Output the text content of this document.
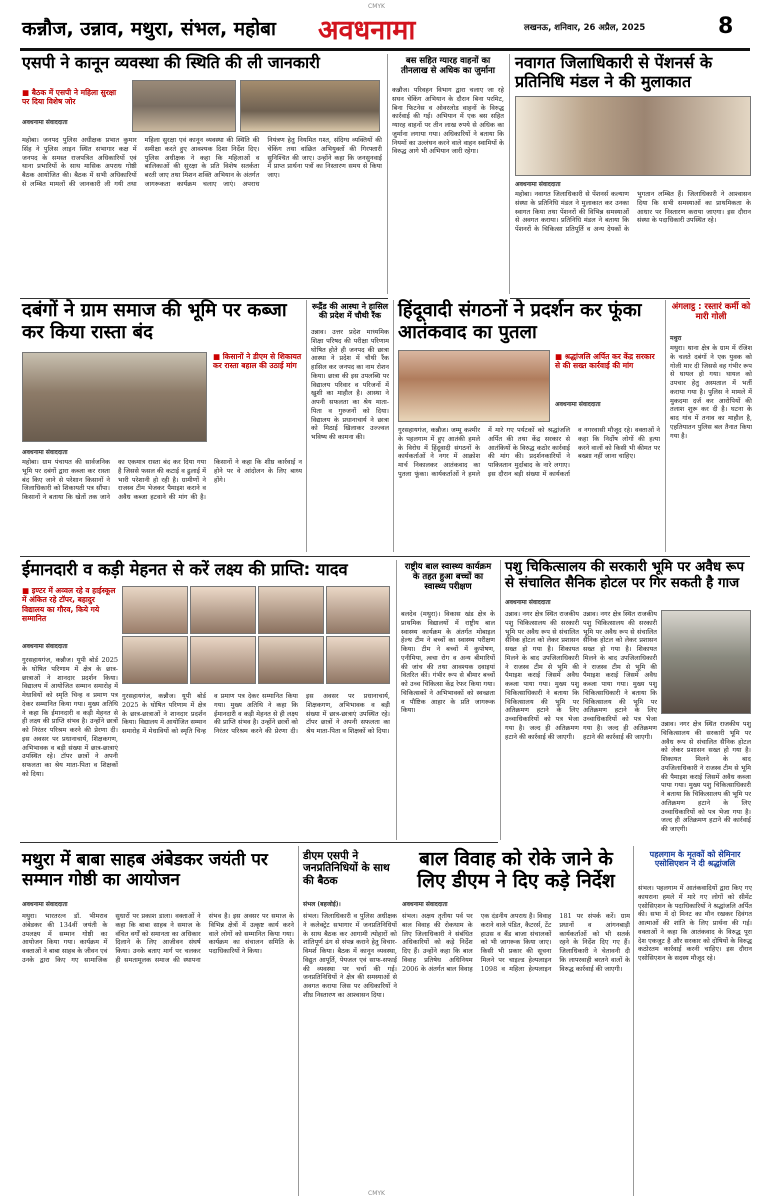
CMYK
कन्नौज, उन्नाव, मथुरा, संभल, महोबा अवधनामा	लखनऊ, शनिवार, 26 अप्रैल, 2025	8
एसपी ने कानून व्यवस्था की स्थिति की ली जानकारी
■ बैठक में एसपी ने महिला सुरक्षा पर दिया विशेष जोर
अवधनामा संवाददाता
महोबा। जनपद पुलिस अधीक्षक प्रभात कुमार सिंह ने पुलिस लाइन स्थित सभागार कक्ष में जनपद के समस्त राजपत्रित अधिकारियों एवं थाना प्रभारियों के साथ मासिक अपराध गोष्ठी बैठक आयोजित की। बैठक में सभी अधिकारियों से लम्बित मामलों की जानकारी ली गयी तथा महिला सुरक्षा एवं कानून व्यवस्था की स्थिति की समीक्षा करते हुए आवश्यक दिशा निर्देश दिए। पुलिस अधीक्षक ने कहा कि महिलाओं व बालिकाओं की सुरक्षा के प्रति विशेष सतर्कता बरती जाए तथा मिशन शक्ति अभियान के अंतर्गत जागरूकता कार्यक्रम चलाए जाएं। अपराध नियंत्रण हेतु नियमित गश्त, संदिग्ध व्यक्तियों की चेकिंग तथा वांछित अभियुक्तों की गिरफ्तारी सुनिश्चित की जाए। उन्होंने कहा कि जनसुनवाई में प्राप्त प्रार्थना पत्रों का निस्तारण समय से किया जाए।
बस सहित ग्यारह वाहनों का तीनलाख से अधिक का जुर्माना
कन्नौज। परिवहन विभाग द्वारा चलाए जा रहे सघन चेकिंग अभियान के दौरान बिना परमिट, बिना फिटनेस व ओवरलोड वाहनों के विरुद्ध कार्रवाई की गई। अभियान में एक बस सहित ग्यारह वाहनों पर तीन लाख रुपये से अधिक का जुर्माना लगाया गया। अधिकारियों ने बताया कि नियमों का उल्लंघन करने वाले वाहन स्वामियों के विरुद्ध आगे भी अभियान जारी रहेगा।
नवागत जिलाधिकारी से पेंशनर्स के प्रतिनिधि मंडल ने की मुलाकात
अवधनामा संवाददाता
महोबा। नवागत जिलाधिकारी से पेंशनर्स कल्याण संस्था के प्रतिनिधि मंडल ने मुलाकात कर उनका स्वागत किया तथा पेंशनरों की विभिन्न समस्याओं से अवगत कराया। प्रतिनिधि मंडल ने बताया कि पेंशनरों के चिकित्सा प्रतिपूर्ति व अन्य देयकों के भुगतान लम्बित हैं। जिलाधिकारी ने आश्वासन दिया कि सभी समस्याओं का प्राथमिकता के आधार पर निस्तारण कराया जाएगा। इस दौरान संस्था के पदाधिकारी उपस्थित रहे।
दबंगों ने ग्राम समाज की भूमि पर कब्जा कर किया रास्ता बंद
■ किसानों ने डीएम से शिकायत कर रास्ता बहाल की उठाई मांग
अवधनामा संवाददाता
महोबा। ग्राम पंचायत की सार्वजनिक भूमि पर दबंगों द्वारा कब्जा कर रास्ता बंद किए जाने से परेशान किसानों ने जिलाधिकारी को शिकायती पत्र सौंपा। किसानों ने बताया कि खेतों तक जाने का एकमात्र रास्ता बंद कर दिया गया है जिससे फसल की कटाई व ढुलाई में भारी परेशानी हो रही है। ग्रामीणों ने राजस्व टीम भेजकर पैमाइश कराने व अवैध कब्जा हटवाने की मांग की है। किसानों ने कहा कि शीघ्र कार्रवाई न होने पर वे आंदोलन के लिए बाध्य होंगे।
रूद्रैंड की आस्था ने हासिल की प्रदेश में चौथी रैंक
उन्नाव। उत्तर प्रदेश माध्यमिक शिक्षा परिषद की परीक्षा परिणाम घोषित होते ही जनपद की छात्रा आस्था ने प्रदेश में चौथी रैंक हासिल कर जनपद का नाम रोशन किया। छात्रा की इस उपलब्धि पर विद्यालय परिवार व परिजनों में खुशी का माहौल है। आस्था ने अपनी सफलता का श्रेय माता-पिता व गुरुजनों को दिया। विद्यालय के प्रधानाचार्य ने छात्रा को मिठाई खिलाकर उज्ज्वल भविष्य की कामना की।
हिंदूवादी संगठनों ने प्रदर्शन कर फूंका आतंकवाद का पुतला
■ श्रद्धांजलि अर्पित कर केंद्र सरकार से की सख्त कार्रवाई की मांग
अवधनामा संवाददाता
गुरसहायगंज, कन्नौज। जम्मू कश्मीर के पहलगाम में हुए आतंकी हमले के विरोध में हिंदूवादी संगठनों के कार्यकर्ताओं ने नगर में आक्रोश मार्च निकालकर आतंकवाद का पुतला फूंका। कार्यकर्ताओं ने हमले में मारे गए पर्यटकों को श्रद्धांजलि अर्पित की तथा केंद्र सरकार से आतंकियों के विरुद्ध कठोर कार्रवाई की मांग की। प्रदर्शनकारियों ने पाकिस्तान मुर्दाबाद के नारे लगाए। इस दौरान बड़ी संख्या में कार्यकर्ता व नगरवासी मौजूद रहे। वक्ताओं ने कहा कि निर्दोष लोगों की हत्या करने वालों को किसी भी कीमत पर बख्शा नहीं जाना चाहिए।
अंगलाट्ठ : रस्तारं कर्मी को मारी गोली
मथुरा
मथुरा। थाना क्षेत्र के ग्राम में रंजिश के चलते दबंगों ने एक युवक को गोली मार दी जिससे वह गंभीर रूप से घायल हो गया। घायल को उपचार हेतु अस्पताल में भर्ती कराया गया है। पुलिस ने मामले में मुकदमा दर्ज कर आरोपियों की तलाश शुरू कर दी है। घटना के बाद गांव में तनाव का माहौल है, एहतियातन पुलिस बल तैनात किया गया है।
ईमानदारी व कड़ी मेहनत से करें लक्ष्य की प्राप्ति: यादव
■ इण्टर में अव्वल रहे व हाईस्कूल में अंकित रहे टॉपर, बहादुर विद्यालय का गौरव, किये गये सम्मानित
अवधनामा संवाददाता
गुरसहायगंज, कन्नौज। यूपी बोर्ड 2025 के घोषित परिणाम में क्षेत्र के छात्र-छात्राओं ने शानदार प्रदर्शन किया। विद्यालय में आयोजित सम्मान समारोह में मेधावियों को स्मृति चिन्ह व प्रमाण पत्र देकर सम्मानित किया गया। मुख्य अतिथि ने कहा कि ईमानदारी व कड़ी मेहनत से ही लक्ष्य की प्राप्ति संभव है। उन्होंने छात्रों को निरंतर परिश्रम करने की प्रेरणा दी। इस अवसर पर प्रधानाचार्य, शिक्षकगण, अभिभावक व बड़ी संख्या में छात्र-छात्राएं उपस्थित रहे। टॉपर छात्रों ने अपनी सफलता का श्रेय माता-पिता व शिक्षकों को दिया।
गुरसहायगंज, कन्नौज। यूपी बोर्ड 2025 के घोषित परिणाम में क्षेत्र के छात्र-छात्राओं ने शानदार प्रदर्शन किया। विद्यालय में आयोजित सम्मान समारोह में मेधावियों को स्मृति चिन्ह व प्रमाण पत्र देकर सम्मानित किया गया। मुख्य अतिथि ने कहा कि ईमानदारी व कड़ी मेहनत से ही लक्ष्य की प्राप्ति संभव है। उन्होंने छात्रों को निरंतर परिश्रम करने की प्रेरणा दी। इस अवसर पर प्रधानाचार्य, शिक्षकगण, अभिभावक व बड़ी संख्या में छात्र-छात्राएं उपस्थित रहे। टॉपर छात्रों ने अपनी सफलता का श्रेय माता-पिता व शिक्षकों को दिया।
राष्ट्रीय बाल स्वास्थ्य कार्यक्रम के तहत हुआ बच्चों का स्वास्थ्य परीक्षण
बलदेव (मथुरा)। विकास खंड क्षेत्र के प्राथमिक विद्यालयों में राष्ट्रीय बाल स्वास्थ्य कार्यक्रम के अंतर्गत मोबाइल हेल्थ टीम ने बच्चों का स्वास्थ्य परीक्षण किया। टीम ने बच्चों में कुपोषण, एनीमिया, त्वचा रोग व अन्य बीमारियों की जांच की तथा आवश्यक दवाइयां वितरित कीं। गंभीर रूप से बीमार बच्चों को उच्च चिकित्सा केंद्र रेफर किया गया। चिकित्सकों ने अभिभावकों को स्वच्छता व पौष्टिक आहार के प्रति जागरूक किया।
पशु चिकित्सालय की सरकारी भूमि पर अवैध रूप से संचालित सैनिक होटल पर गिर सकती है गाज
अवधनामा संवाददाता
उन्नाव। नगर क्षेत्र स्थित राजकीय पशु चिकित्सालय की सरकारी भूमि पर अवैध रूप से संचालित सैनिक होटल को लेकर प्रशासन सख्त हो गया है। शिकायत मिलने के बाद उपजिलाधिकारी ने राजस्व टीम से भूमि की पैमाइश कराई जिसमें अवैध कब्जा पाया गया। मुख्य पशु चिकित्साधिकारी ने बताया कि चिकित्सालय की भूमि पर अतिक्रमण हटाने के लिए उच्चाधिकारियों को पत्र भेजा गया है। जल्द ही अतिक्रमण हटाने की कार्रवाई की जाएगी।
उन्नाव। नगर क्षेत्र स्थित राजकीय पशु चिकित्सालय की सरकारी भूमि पर अवैध रूप से संचालित सैनिक होटल को लेकर प्रशासन सख्त हो गया है। शिकायत मिलने के बाद उपजिलाधिकारी ने राजस्व टीम से भूमि की पैमाइश कराई जिसमें अवैध कब्जा पाया गया। मुख्य पशु चिकित्साधिकारी ने बताया कि चिकित्सालय की भूमि पर अतिक्रमण हटाने के लिए उच्चाधिकारियों को पत्र भेजा गया है। जल्द ही अतिक्रमण हटाने की कार्रवाई की जाएगी।
उन्नाव। नगर क्षेत्र स्थित राजकीय पशु चिकित्सालय की सरकारी भूमि पर अवैध रूप से संचालित सैनिक होटल को लेकर प्रशासन सख्त हो गया है। शिकायत मिलने के बाद उपजिलाधिकारी ने राजस्व टीम से भूमि की पैमाइश कराई जिसमें अवैध कब्जा पाया गया। मुख्य पशु चिकित्साधिकारी ने बताया कि चिकित्सालय की भूमि पर अतिक्रमण हटाने के लिए उच्चाधिकारियों को पत्र भेजा गया है। जल्द ही अतिक्रमण हटाने की कार्रवाई की जाएगी।
पहलगाम के मृतकों को सेमिनार एसोसिएशन ने दी श्रद्धांजलि
संभल। पहलगाम में आतंकवादियों द्वारा किए गए कायराना हमले में मारे गए लोगों को सीमेंट एसोसिएशन के पदाधिकारियों ने श्रद्धांजलि अर्पित की। सभा में दो मिनट का मौन रखकर दिवंगत आत्माओं की शांति के लिए प्रार्थना की गई। वक्ताओं ने कहा कि आतंकवाद के विरुद्ध पूरा देश एकजुट है और सरकार को दोषियों के विरुद्ध कठोरतम कार्रवाई करनी चाहिए। इस दौरान एसोसिएशन के सदस्य मौजूद रहे।
बाल विवाह को रोके जाने के लिए डीएम ने दिए कड़े निर्देश
अवधनामा संवाददाता
संभल। अक्षय तृतीया पर्व पर बाल विवाह की रोकथाम के लिए जिलाधिकारी ने संबंधित अधिकारियों को कड़े निर्देश दिए हैं। उन्होंने कहा कि बाल विवाह प्रतिषेध अधिनियम 2006 के अंतर्गत बाल विवाह एक दंडनीय अपराध है। विवाह कराने वाले पंडित, कैटरर्स, टेंट हाउस व बैंड बाजा संचालकों को भी जागरूक किया जाए। किसी भी प्रकार की सूचना मिलने पर चाइल्ड हेल्पलाइन 1098 व महिला हेल्पलाइन 181 पर संपर्क करें। ग्राम प्रधानों व आंगनबाड़ी कार्यकर्ताओं को भी सतर्क रहने के निर्देश दिए गए हैं। जिलाधिकारी ने चेतावनी दी कि लापरवाही बरतने वालों के विरुद्ध कार्रवाई की जाएगी।
मथुरा में बाबा साहब अंबेडकर जयंती पर सम्मान गोष्ठी का आयोजन
अवधनामा संवाददाता
मथुरा। भारतरत्न डॉ. भीमराव अंबेडकर की 134वीं जयंती के उपलक्ष्य में सम्मान गोष्ठी का आयोजन किया गया। कार्यक्रम में वक्ताओं ने बाबा साहब के जीवन एवं उनके द्वारा किए गए सामाजिक सुधारों पर प्रकाश डाला। वक्ताओं ने कहा कि बाबा साहब ने समाज के वंचित वर्गों को समानता का अधिकार दिलाने के लिए आजीवन संघर्ष किया। उनके बताए मार्ग पर चलकर ही समतामूलक समाज की स्थापना संभव है। इस अवसर पर समाज के विभिन्न क्षेत्रों में उत्कृष्ट कार्य करने वाले लोगों को सम्मानित किया गया। कार्यक्रम का संचालन समिति के पदाधिकारियों ने किया।
डीएम एसपी ने जनप्रतिनिधियों के साथ की बैठक
संभल (बहजोई)।
संभल। जिलाधिकारी व पुलिस अधीक्षक ने कलेक्ट्रेट सभागार में जनप्रतिनिधियों के साथ बैठक कर आगामी त्योहारों को शांतिपूर्ण ढंग से संपन्न कराने हेतु विचार-विमर्श किया। बैठक में कानून व्यवस्था, विद्युत आपूर्ति, पेयजल एवं साफ-सफाई की व्यवस्था पर चर्चा की गई। जनप्रतिनिधियों ने क्षेत्र की समस्याओं से अवगत कराया जिस पर अधिकारियों ने शीघ्र निस्तारण का आश्वासन दिया।
CMYK
